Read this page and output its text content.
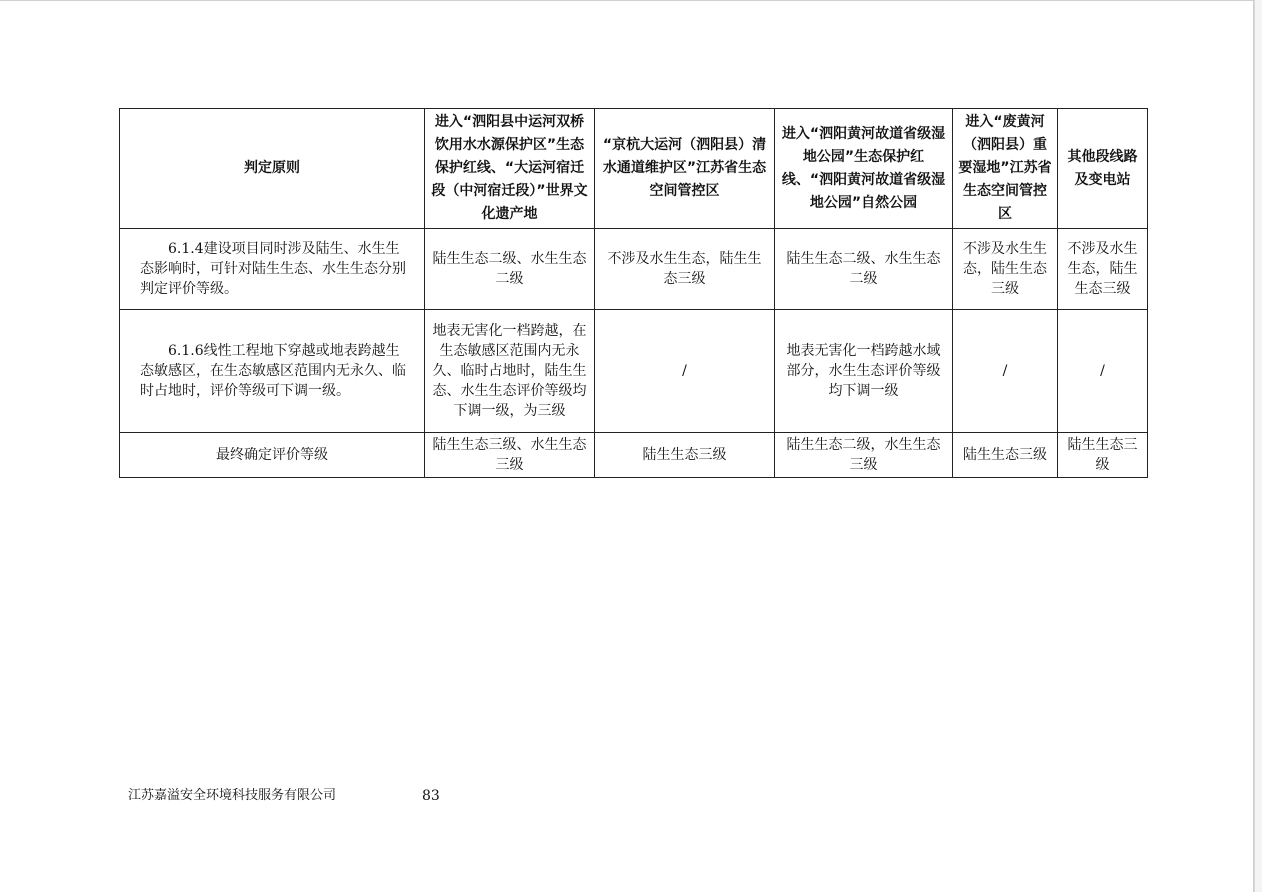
判定原则	进入“泗阳县中运河双桥饮用水水源保护区”生态保护红线、“大运河宿迁段（中河宿迁段）”世界文化遗产地	“京杭大运河（泗阳县）清水通道维护区”江苏省生态空间管控区	进入“泗阳黄河故道省级湿地公园”生态保护红线、“泗阳黄河故道省级湿地公园”自然公园	进入“废黄河（泗阳县）重要湿地”江苏省生态空间管控区	其他段线路及变电站
6.1.4建设项目同时涉及陆生、水生生态影响时，可针对陆生生态、水生生态分别判定评价等级。	陆生生态二级、水生生态二级	不涉及水生生态，陆生生态三级	陆生生态二级、水生生态二级	不涉及水生生态，陆生生态三级	不涉及水生生态，陆生生态三级
6.1.6线性工程地下穿越或地表跨越生态敏感区，在生态敏感区范围内无永久、临时占地时，评价等级可下调一级。	地表无害化一档跨越，在生态敏感区范围内无永久、临时占地时，陆生生态、水生生态评价等级均下调一级，为三级	/	地表无害化一档跨越水域部分，水生生态评价等级均下调一级	/	/
最终确定评价等级	陆生生态三级、水生生态三级	陆生生态三级	陆生生态二级，水生生态三级	陆生生态三级	陆生生态三级
江苏嘉溢安全环境科技服务有限公司	83
